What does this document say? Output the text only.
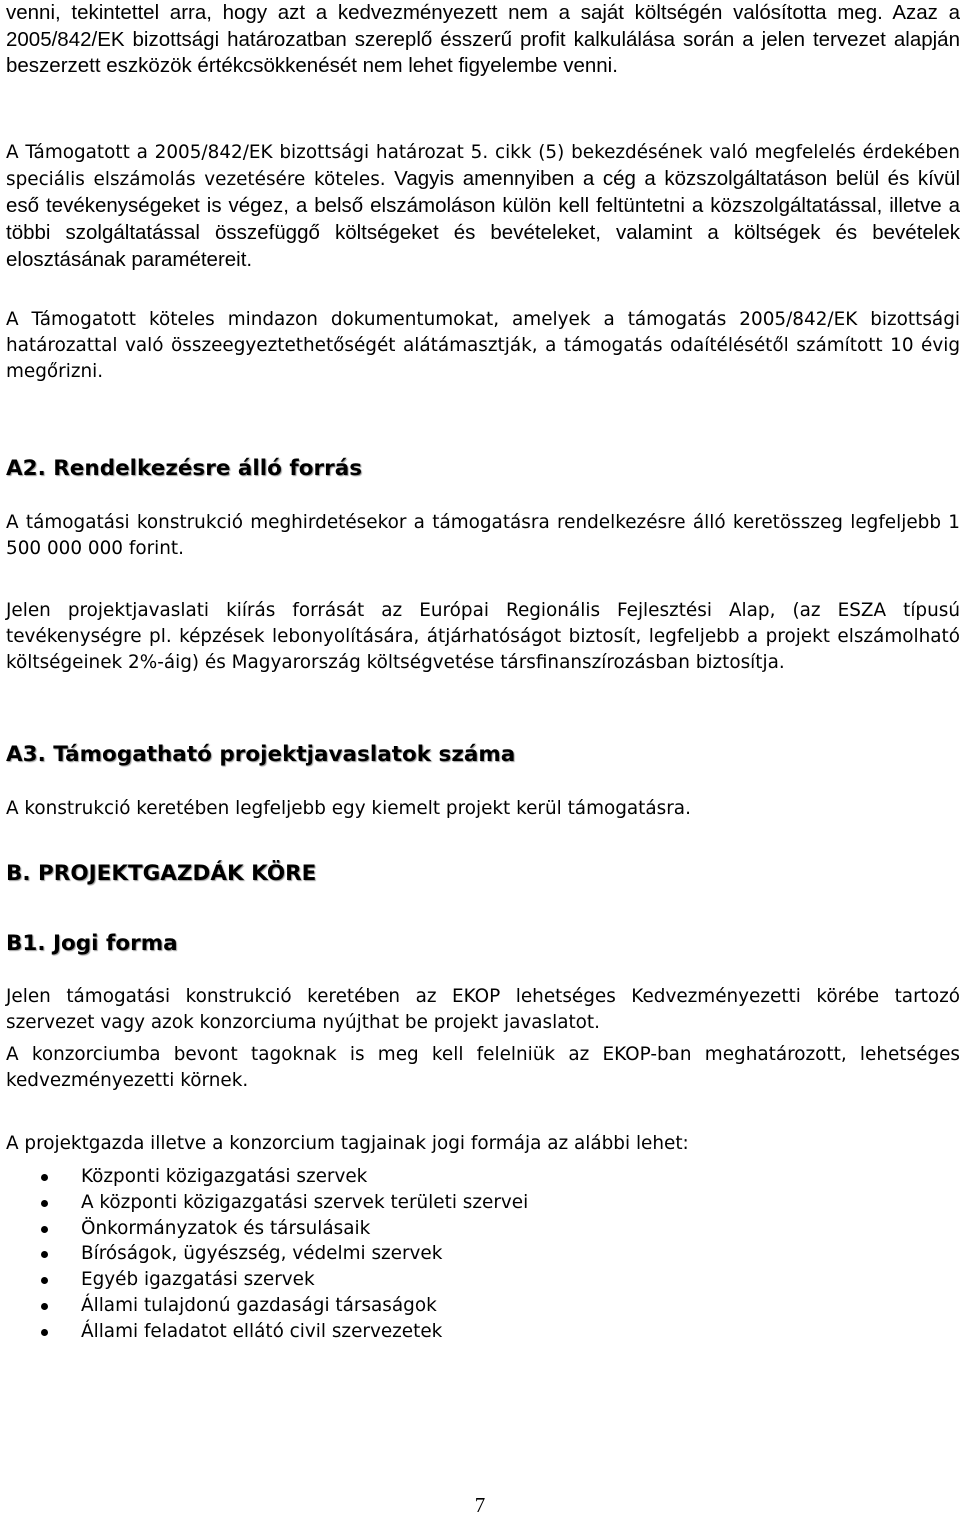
venni, tekintettel arra, hogy azt a kedvezményezett nem a saját költségén valósította meg. Azaz a 2005/842/EK bizottsági határozatban szereplő ésszerű profit kalkulálása során a jelen tervezet alapján beszerzett eszközök értékcsökkenését nem lehet figyelembe venni.

A Támogatott a 2005/842/EK bizottsági határozat 5. cikk (5) bekezdésének való megfelelés érdekében speciális elszámolás vezetésére köteles. Vagyis amennyiben a cég a közszolgáltatáson belül és kívül eső tevékenységeket is végez, a belső elszámoláson külön kell feltüntetni a közszolgáltatással, illetve a többi szolgáltatással összefüggő költségeket és bevételeket, valamint a költségek és bevételek elosztásának paramétereit.

A Támogatott köteles mindazon dokumentumokat, amelyek a támogatás 2005/842/EK bizottsági határozattal való összeegyeztethetőségét alátámasztják, a támogatás odaítélésétől számított 10 évig megőrizni.

A2. Rendelkezésre álló forrás

A támogatási konstrukció meghirdetésekor a támogatásra rendelkezésre álló keretösszeg legfeljebb 1 500 000 000 forint.

Jelen projektjavaslati kiírás forrását az Európai Regionális Fejlesztési Alap, (az ESZA típusú tevékenységre pl. képzések lebonyolítására, átjárhatóságot biztosít, legfeljebb a projekt elszámolható költségeinek 2%-áig) és Magyarország költségvetése társfinanszírozásban biztosítja.

A3. Támogatható projektjavaslatok száma

A konstrukció keretében legfeljebb egy kiemelt projekt kerül támogatásra.

B. PROJEKTGAZDÁK KÖRE
B1. Jogi forma

Jelen támogatási konstrukció keretében az EKOP lehetséges Kedvezményezetti körébe tartozó szervezet vagy azok konzorciuma nyújthat be projekt javaslatot.

A konzorciumba bevont tagoknak is meg kell felelniük az EKOP-ban meghatározott, lehetséges kedvezményezetti körnek.

A projektgazda illetve a konzorcium tagjainak jogi formája az alábbi lehet:

Központi közigazgatási szervek
A központi közigazgatási szervek területi szervei
Önkormányzatok és társulásaik
Bíróságok, ügyészség, védelmi szervek
Egyéb igazgatási szervek
Állami tulajdonú gazdasági társaságok
Állami feladatot ellátó civil szervezetek
7
